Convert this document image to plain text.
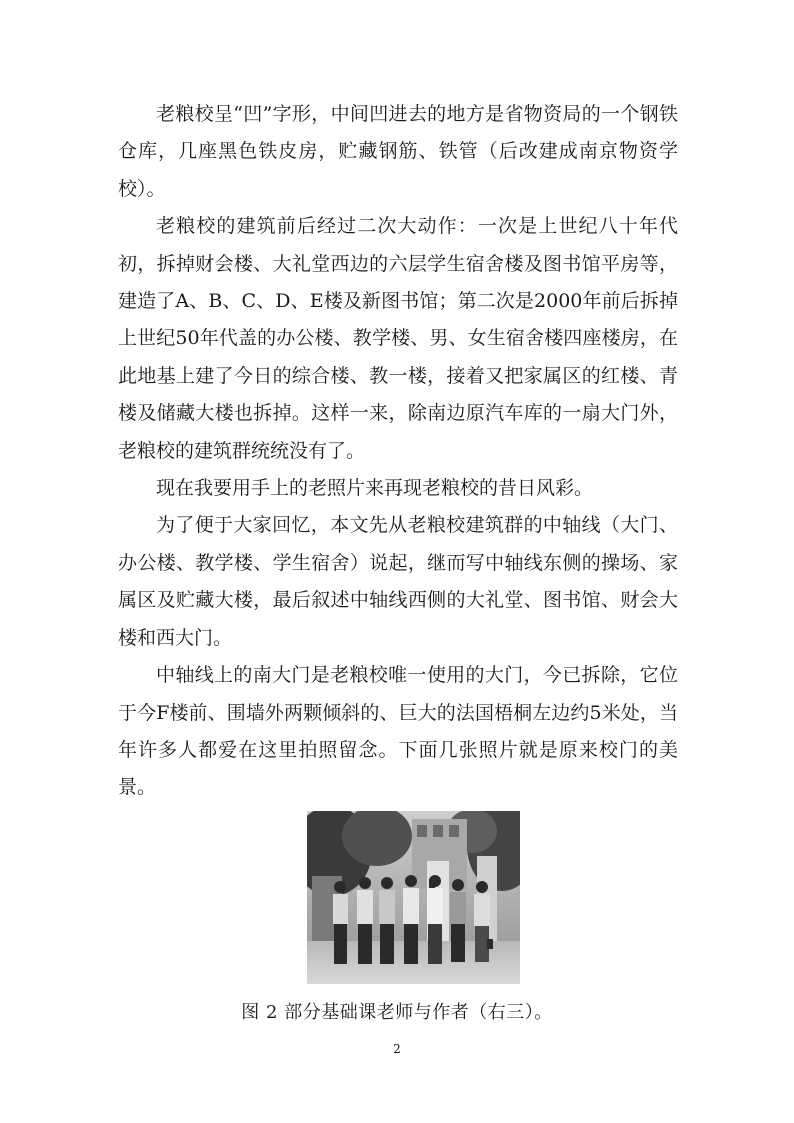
老粮校呈“凹”字形，中间凹进去的地方是省物资局的一个钢铁仓库，几座黑色铁皮房，贮藏钢筋、铁管（后改建成南京物资学校）。

老粮校的建筑前后经过二次大动作：一次是上世纪八十年代初，拆掉财会楼、大礼堂西边的六层学生宿舍楼及图书馆平房等，建造了A、B、C、D、E楼及新图书馆；第二次是2000年前后拆掉上世纪50年代盖的办公楼、教学楼、男、女生宿舍楼四座楼房，在此地基上建了今日的综合楼、教一楼，接着又把家属区的红楼、青楼及储藏大楼也拆掉。这样一来，除南边原汽车库的一扇大门外，老粮校的建筑群统统没有了。

现在我要用手上的老照片来再现老粮校的昔日风彩。

为了便于大家回忆，本文先从老粮校建筑群的中轴线（大门、办公楼、教学楼、学生宿舍）说起，继而写中轴线东侧的操场、家属区及贮藏大楼，最后叙述中轴线西侧的大礼堂、图书馆、财会大楼和西大门。

中轴线上的南大门是老粮校唯一使用的大门，今已拆除，它位于今F楼前、围墙外两颗倾斜的、巨大的法国梧桐左边约5米处，当年许多人都爱在这里拍照留念。下面几张照片就是原来校门的美景。

图 2 部分基础课老师与作者（右三）。
2
